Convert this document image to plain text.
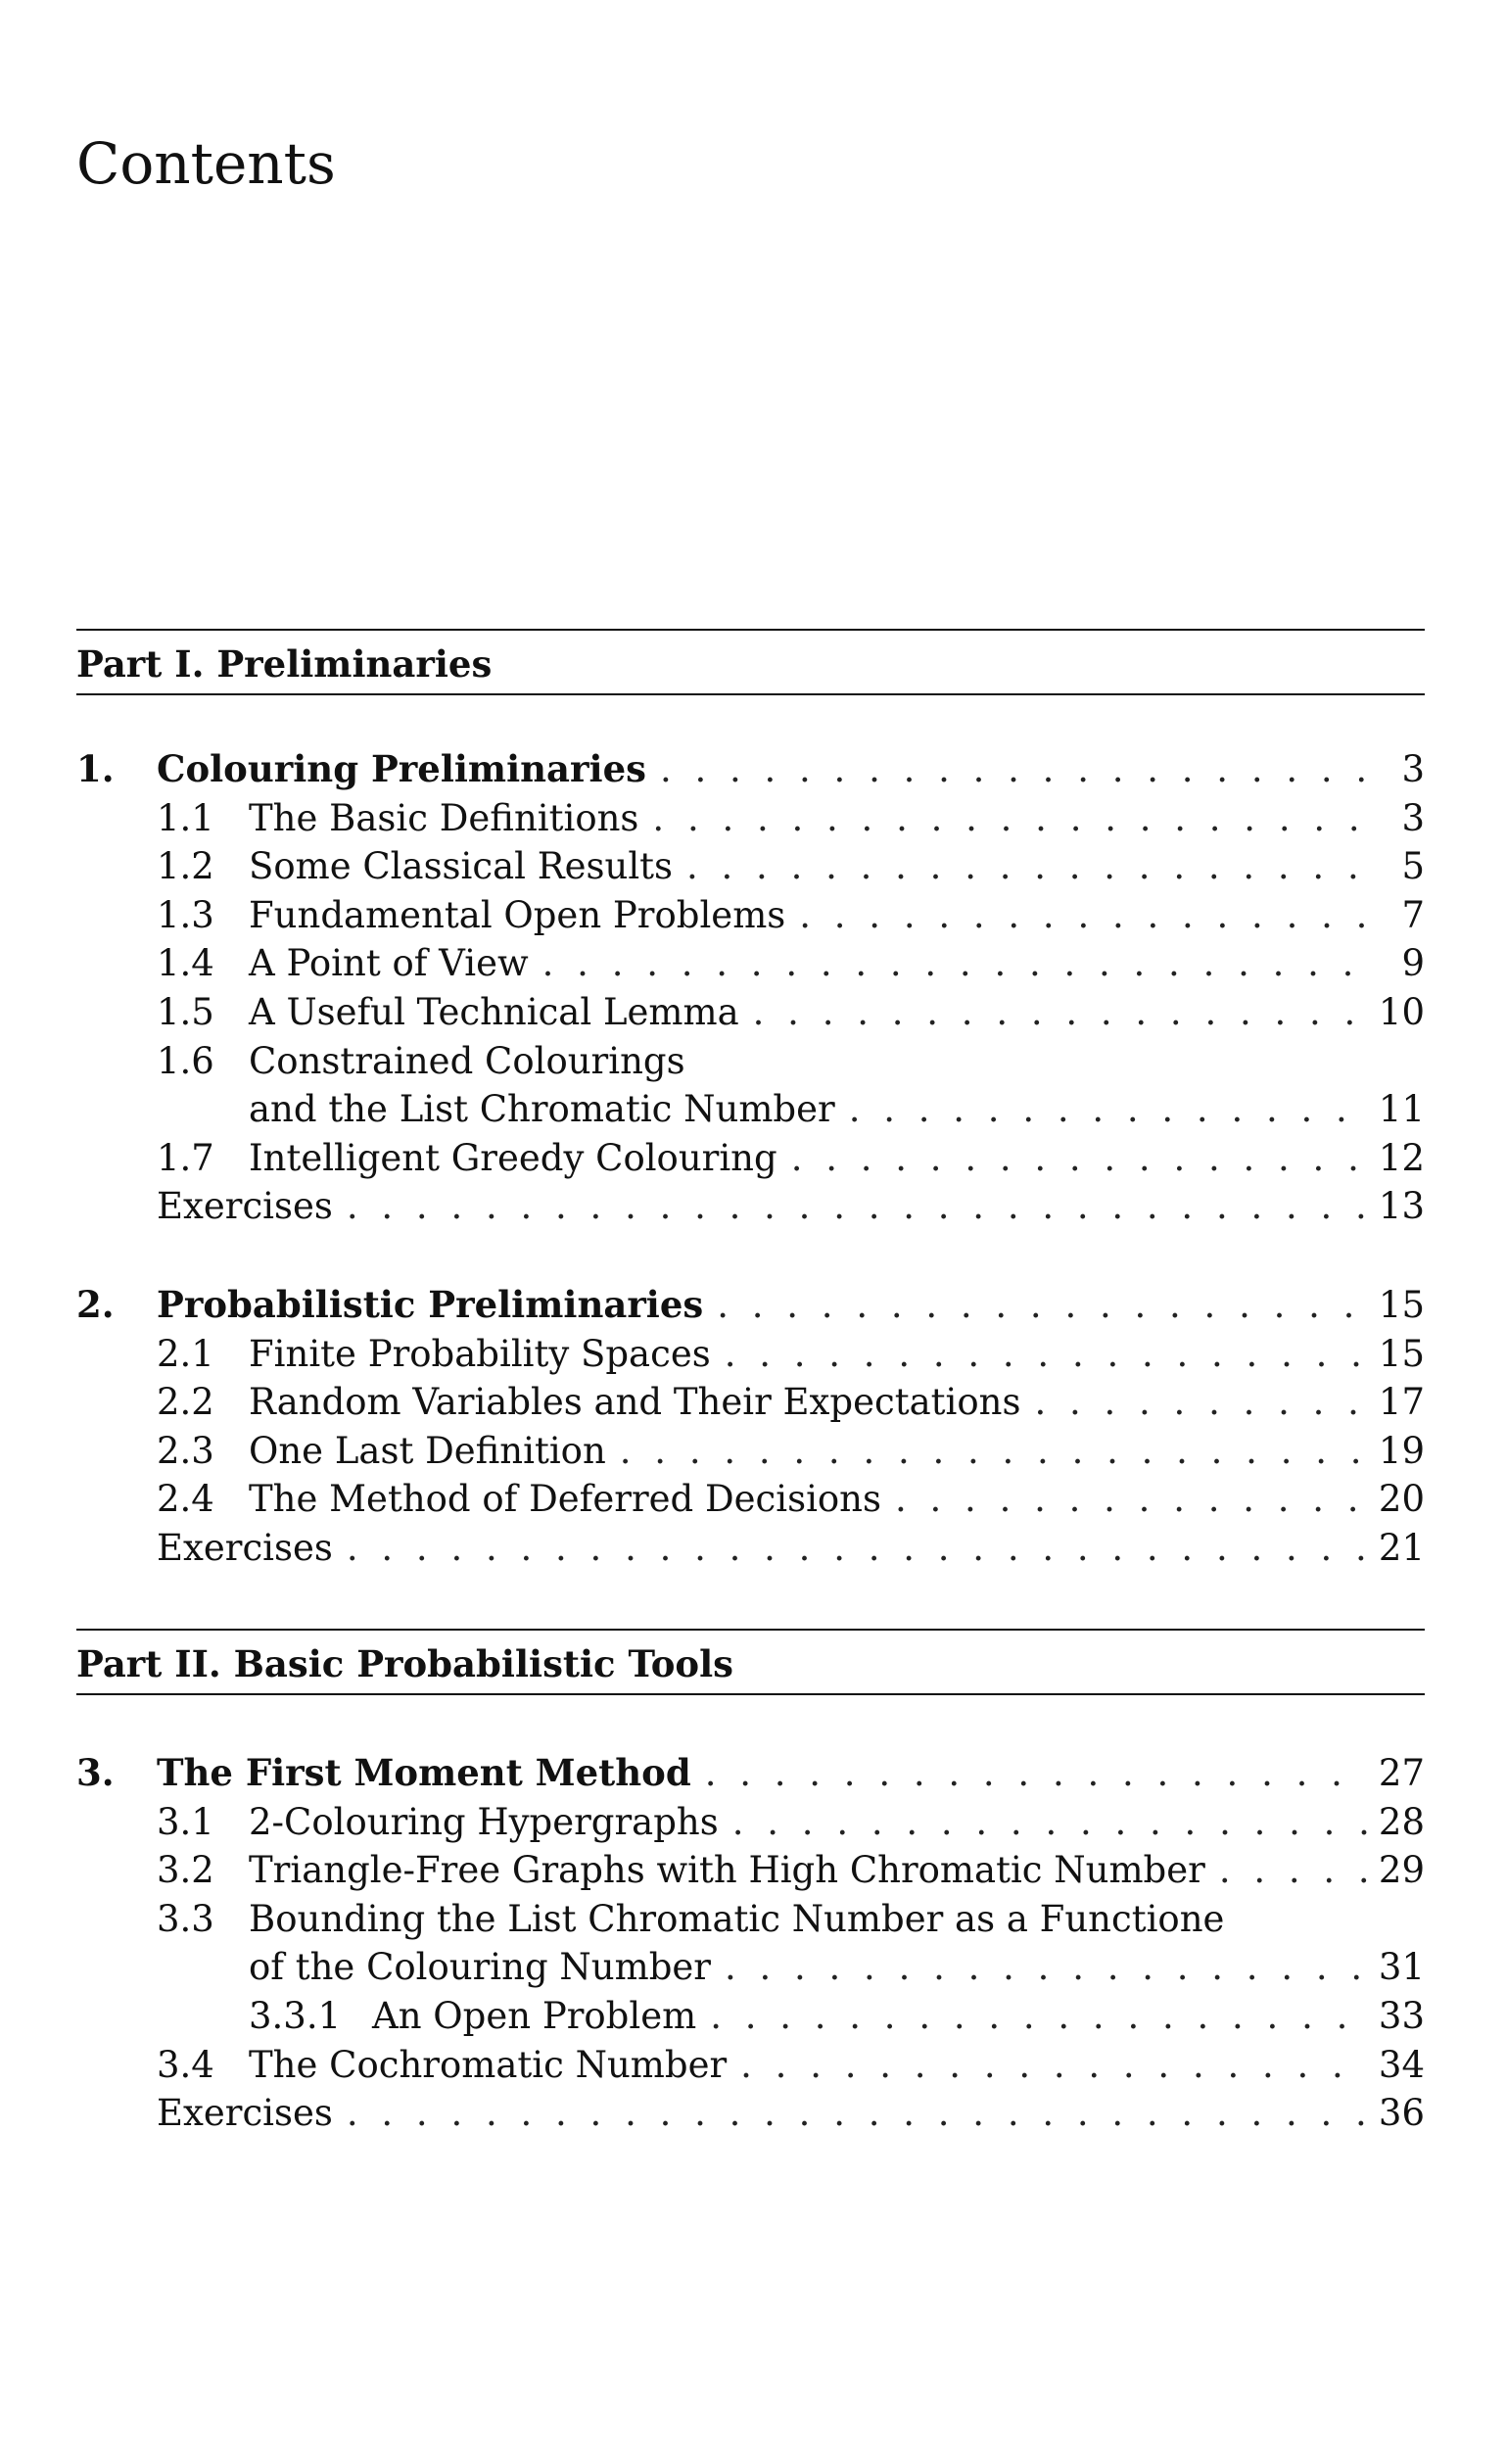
Contents
Part I. Preliminaries
1.	Colouring Preliminaries . . .	3
1.1 The Basic Definitions . . .	3
1.2 Some Classical Results . . .	5
1.3 Fundamental Open Problems . . .	7
1.4 A Point of View . . .	9
1.5 A Useful Technical Lemma . . .	10
1.6 Constrained Colourings
and the List Chromatic Number . . .	11
1.7 Intelligent Greedy Colouring . . .	12
Exercises . . .	13
2.	Probabilistic Preliminaries . . .	15
2.1 Finite Probability Spaces . . .	15
2.2 Random Variables and Their Expectations . . .	17
2.3 One Last Definition . . .	19
2.4 The Method of Deferred Decisions . . .	20
Exercises . . .	21
Part II. Basic Probabilistic Tools
3.	The First Moment Method . . .	27
3.1 2-Colouring Hypergraphs . . .	28
3.2 Triangle-Free Graphs with High Chromatic Number . . .	29
3.3 Bounding the List Chromatic Number as a Functione
of the Colouring Number . . .	31
3.3.1 An Open Problem . . .	33
3.4 The Cochromatic Number . . .	34
Exercises . . .	36
